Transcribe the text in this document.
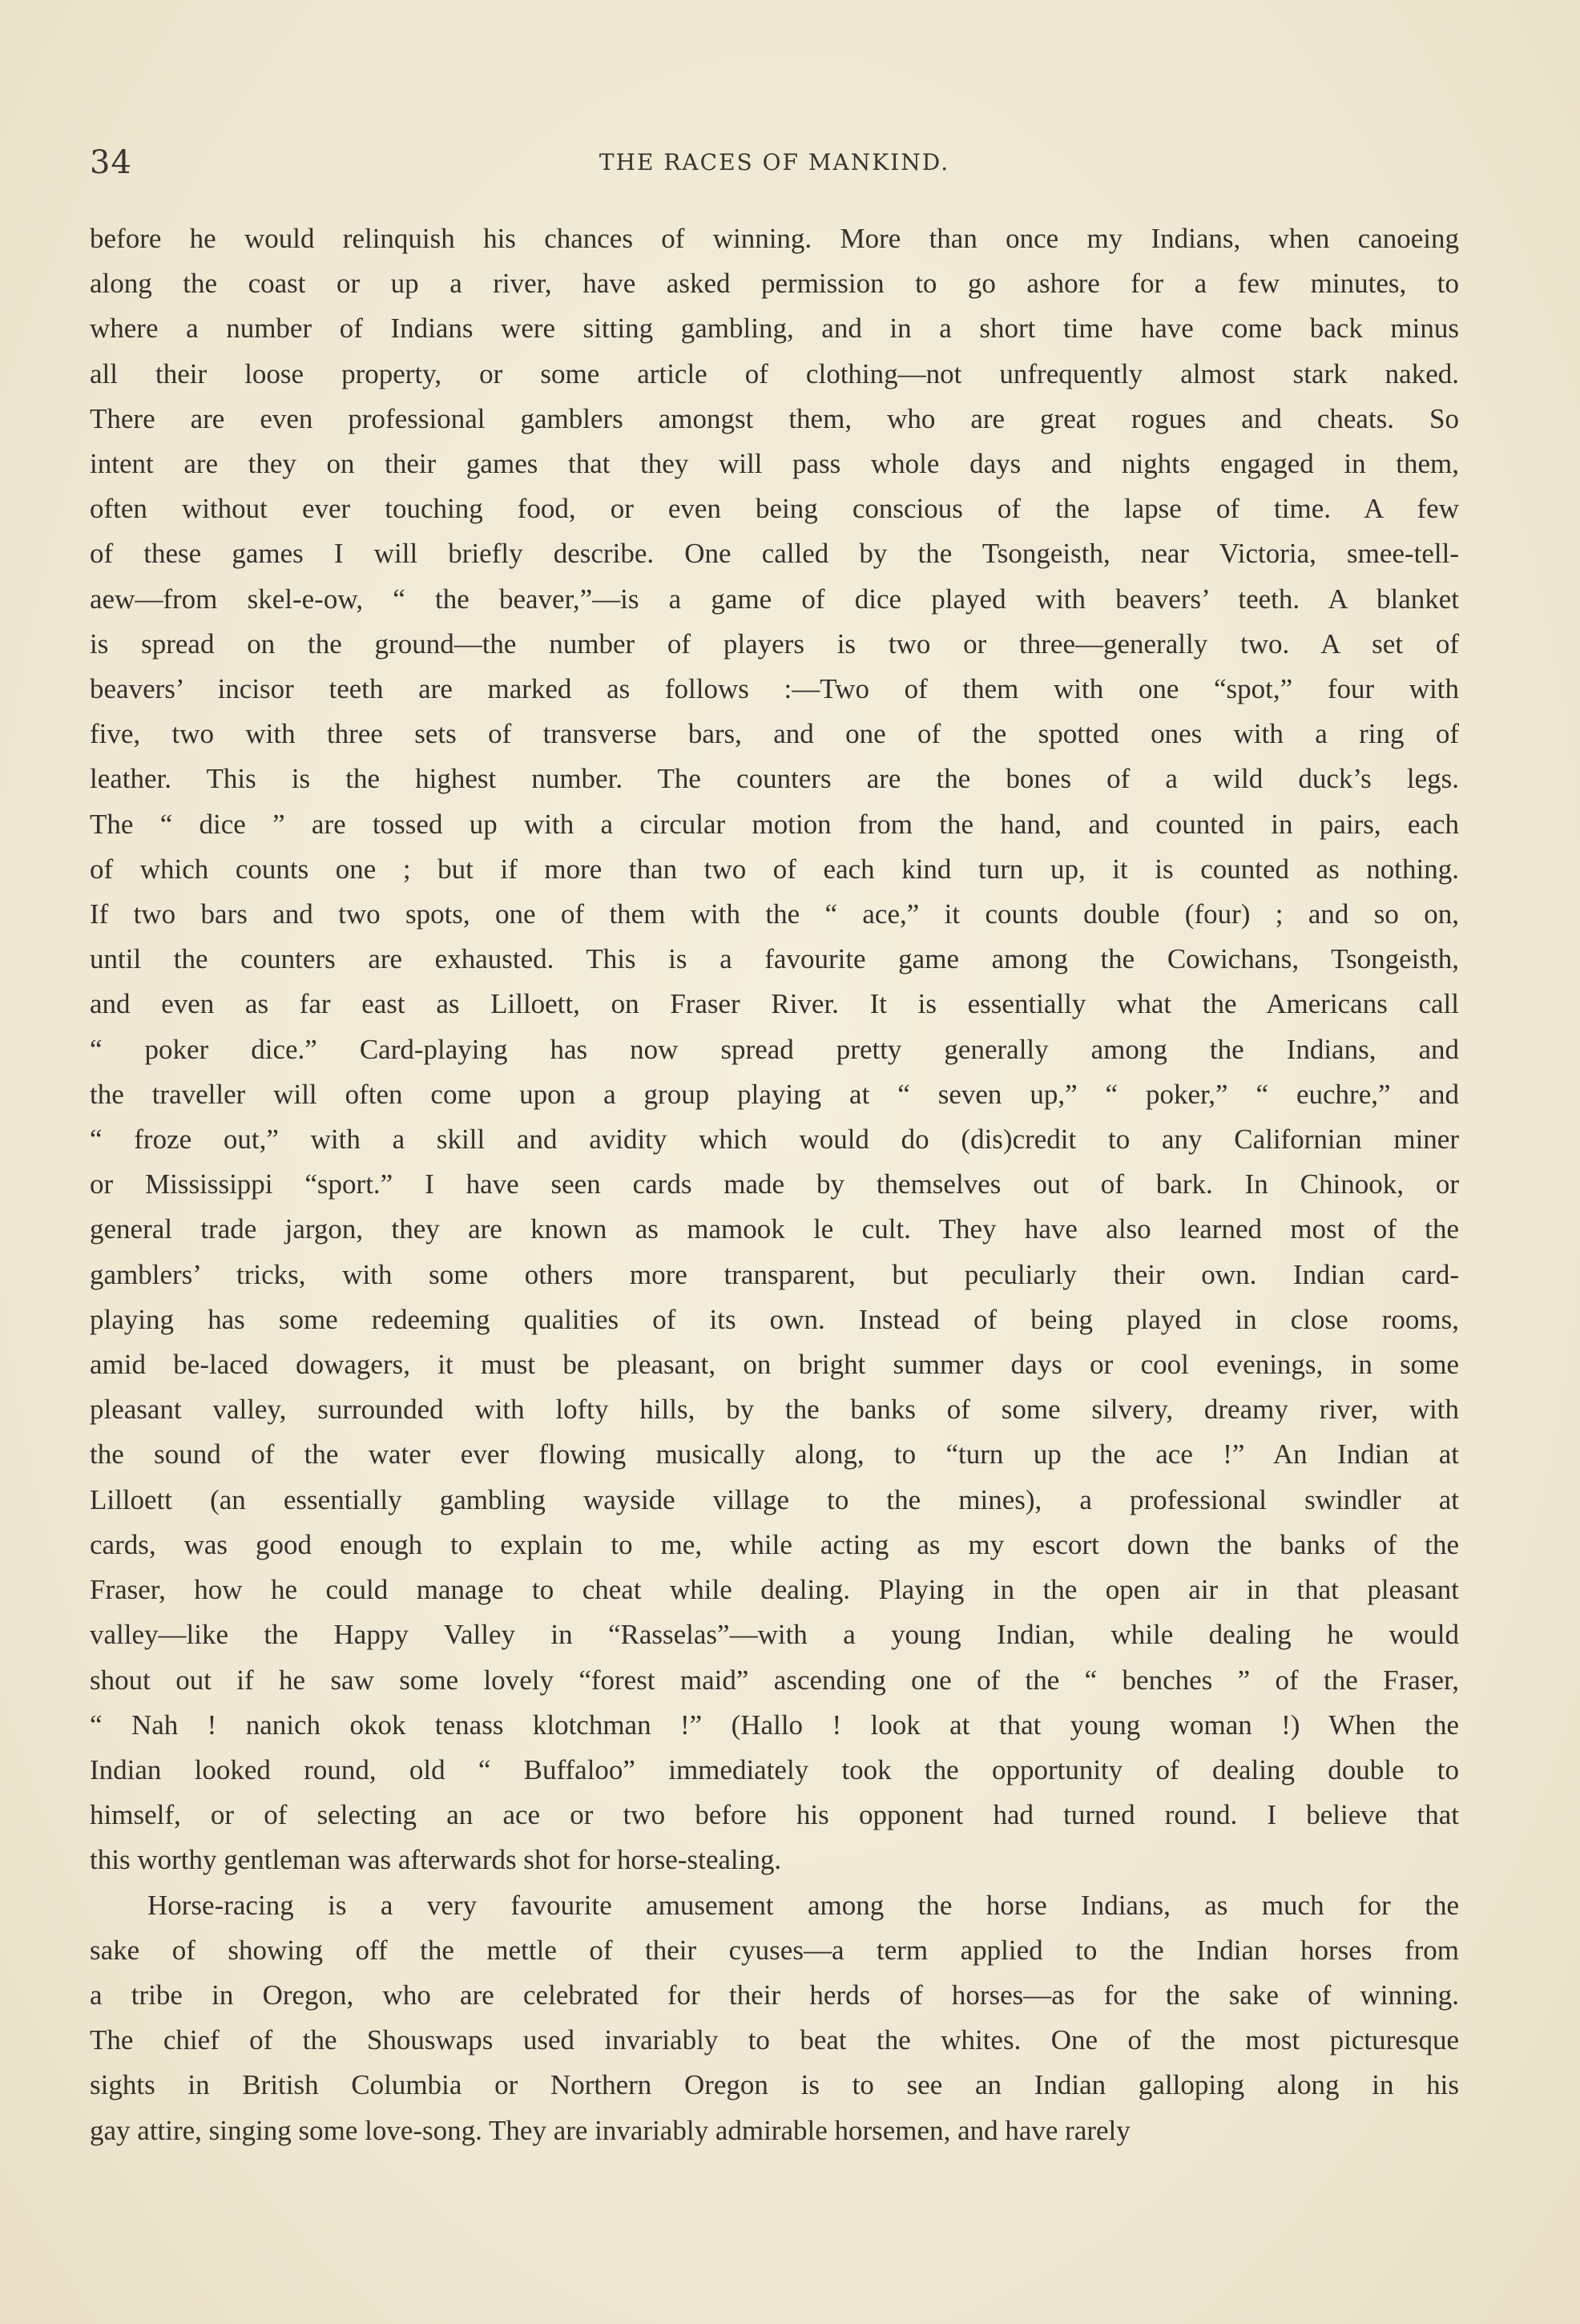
34	THE RACES OF MANKIND.
before he would relinquish his chances of winning. More than once my Indians, when canoeing
along the coast or up a river, have asked permission to go ashore for a few minutes, to
where a number of Indians were sitting gambling, and in a short time have come back minus
all their loose property, or some article of clothing—not unfrequently almost stark naked.
There are even professional gamblers amongst them, who are great rogues and cheats. So
intent are they on their games that they will pass whole days and nights engaged in them,
often without ever touching food, or even being conscious of the lapse of time. A few
of these games I will briefly describe. One called by the Tsongeisth, near Victoria, smee-tell-
aew—from skel-e-ow, “ the beaver,”—is a game of dice played with beavers’ teeth. A blanket
is spread on the ground—the number of players is two or three—generally two. A set of
beavers’ incisor teeth are marked as follows :—Two of them with one “spot,” four with
five, two with three sets of transverse bars, and one of the spotted ones with a ring of
leather. This is the highest number. The counters are the bones of a wild duck’s legs.
The “ dice ” are tossed up with a circular motion from the hand, and counted in pairs, each
of which counts one ; but if more than two of each kind turn up, it is counted as nothing.
If two bars and two spots, one of them with the “ ace,” it counts double (four) ; and so on,
until the counters are exhausted. This is a favourite game among the Cowichans, Tsongeisth,
and even as far east as Lilloett, on Fraser River. It is essentially what the Americans call
“ poker dice.” Card-playing has now spread pretty generally among the Indians, and
the traveller will often come upon a group playing at “ seven up,” “ poker,” “ euchre,” and
“ froze out,” with a skill and avidity which would do (dis)credit to any Californian miner
or Mississippi “sport.” I have seen cards made by themselves out of bark. In Chinook, or
general trade jargon, they are known as mamook le cult. They have also learned most of the
gamblers’ tricks, with some others more transparent, but peculiarly their own. Indian card-
playing has some redeeming qualities of its own. Instead of being played in close rooms,
amid be-laced dowagers, it must be pleasant, on bright summer days or cool evenings, in some
pleasant valley, surrounded with lofty hills, by the banks of some silvery, dreamy river, with
the sound of the water ever flowing musically along, to “turn up the ace !” An Indian at
Lilloett (an essentially gambling wayside village to the mines), a professional swindler at
cards, was good enough to explain to me, while acting as my escort down the banks of the
Fraser, how he could manage to cheat while dealing. Playing in the open air in that pleasant
valley—like the Happy Valley in “Rasselas”—with a young Indian, while dealing he would
shout out if he saw some lovely “forest maid” ascending one of the “ benches ” of the Fraser,
“ Nah ! nanich okok tenass klotchman !” (Hallo ! look at that young woman !) When the
Indian looked round, old “ Buffaloo” immediately took the opportunity of dealing double to
himself, or of selecting an ace or two before his opponent had turned round. I believe that
this worthy gentleman was afterwards shot for horse-stealing.
Horse-racing is a very favourite amusement among the horse Indians, as much for the
sake of showing off the mettle of their cyuses—a term applied to the Indian horses from
a tribe in Oregon, who are celebrated for their herds of horses—as for the sake of winning.
The chief of the Shouswaps used invariably to beat the whites. One of the most picturesque
sights in British Columbia or Northern Oregon is to see an Indian galloping along in his
gay attire, singing some love-song. They are invariably admirable horsemen, and have rarely
